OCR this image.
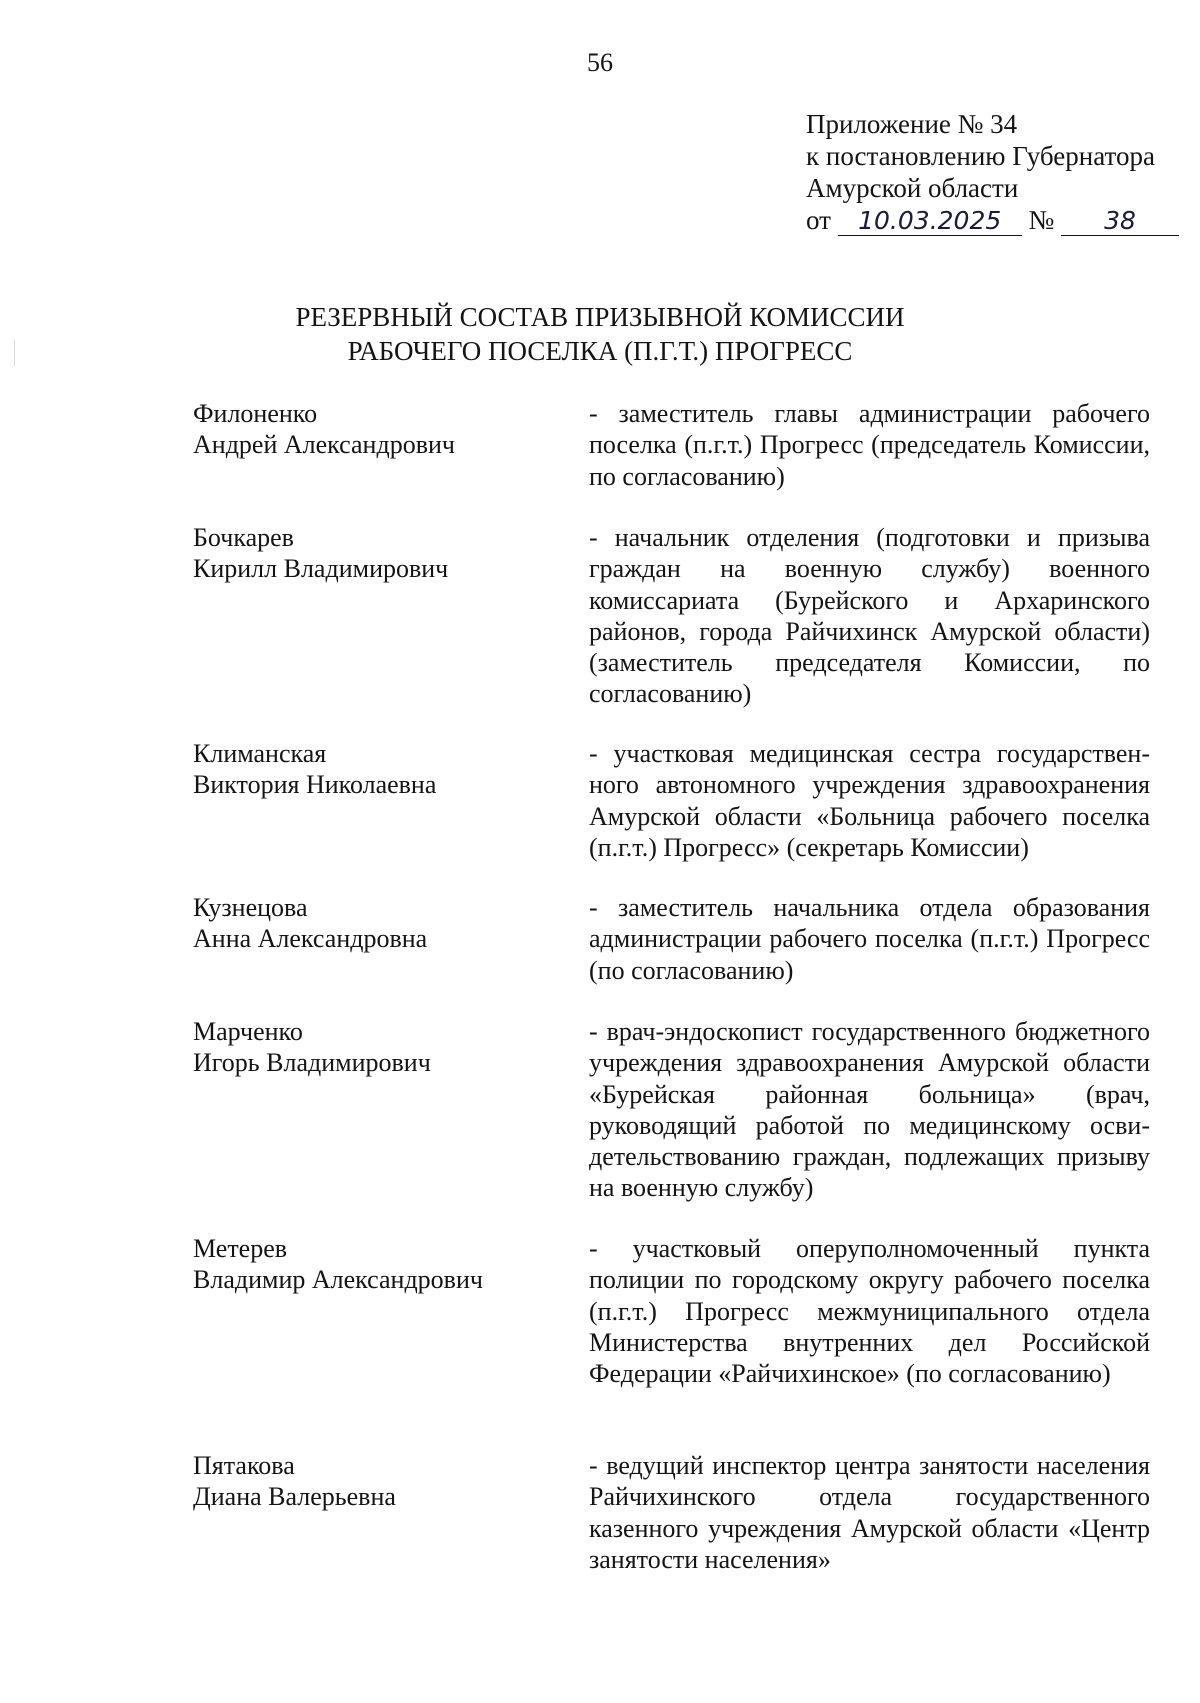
56
Приложение № 34
к постановлению Губернатора
Амурской области
от 10.03.2025 № 38
РЕЗЕРВНЫЙ СОСТАВ ПРИЗЫВНОЙ КОМИССИИ
РАБОЧЕГО ПОСЕЛКА (П.Г.Т.) ПРОГРЕСС
Филоненко
Андрей Александрович
- заместитель главы администрации рабочего поселка (п.г.т.) Прогресс (председатель Комиссии, по согласованию)
Бочкарев
Кирилл Владимирович
- начальник отделения (подготовки и призыва граждан на военную службу) военного комиссариата (Бурейского и Архаринского районов, города Райчихинск Амурской области) (заместитель председателя Комиссии, по согласованию)
Климанская
Виктория Николаевна
- участковая медицинская сестра государственного автономного учреждения здравоохранения Амурской области «Больница рабочего поселка (п.г.т.) Прогресс» (секретарь Комиссии)
Кузнецова
Анна Александровна
- заместитель начальника отдела образования администрации рабочего поселка (п.г.т.) Прогресс (по согласованию)
Марченко
Игорь Владимирович
- врач-эндоскопист государственного бюджетного учреждения здравоохранения Амурской области «Бурейская районная больница» (врач, руководящий работой по медицинскому освидетельствованию граждан, подлежащих призыву на военную службу)
Метерев
Владимир Александрович
- участковый оперуполномоченный пункта полиции по городскому округу рабочего поселка (п.г.т.) Прогресс межмуниципального отдела Министерства внутренних дел Российской Федерации «Райчихинское» (по согласованию)
Пятакова
Диана Валерьевна
- ведущий инспектор центра занятости населения Райчихинского отдела государственного казенного учреждения Амурской области «Центр занятости населения»
